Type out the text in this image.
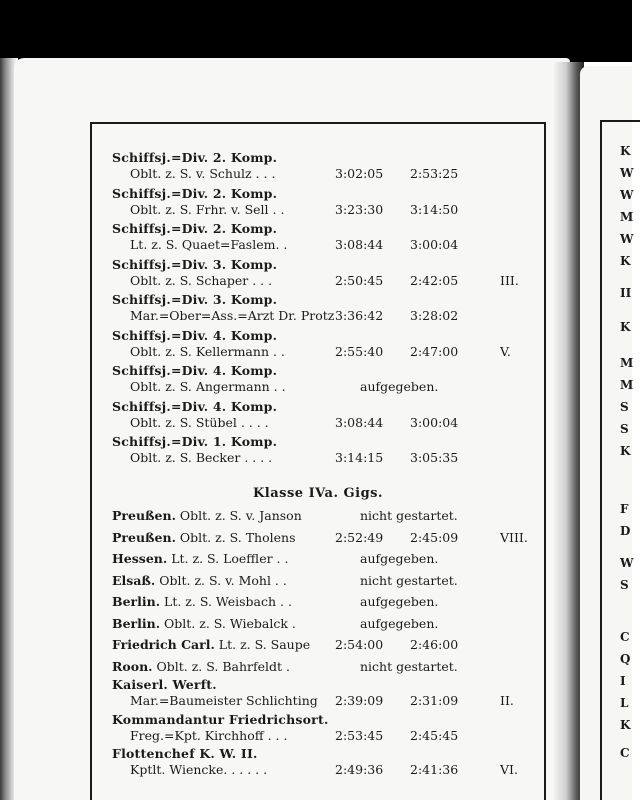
Schiffsj.=Div. 2. Komp.
Oblt. z. S. v. Schulz . . .	3:02:05 2:53:25
Schiffsj.=Div. 2. Komp.
Oblt. z. S. Frhr. v. Sell . .	3:23:30 3:14:50
Schiffsj.=Div. 2. Komp.
Lt. z. S. Quaet=Faslem. .	3:08:44 3:00:04
Schiffsj.=Div. 3. Komp.
Oblt. z. S. Schaper . . .	2:50:45 2:42:05	III.
Schiffsj.=Div. 3. Komp.
Mar.=Ober=Ass.=Arzt Dr. Protz 3:36:42 3:28:02
Schiffsj.=Div. 4. Komp.
Oblt. z. S. Kellermann . .	2:55:40 2:47:00	V.
Schiffsj.=Div. 4. Komp.
Oblt. z. S. Angermann . .	aufgegeben.
Schiffsj.=Div. 4. Komp.
Oblt. z. S. Stübel . . . .	3:08:44 3:00:04
Schiffsj.=Div. 1. Komp.
Oblt. z. S. Becker . . . .	3:14:15 3:05:35
Preußen. Oblt. z. S. v. Janson	nicht gestartet.
Preußen. Oblt. z. S. Tholens	2:52:49 2:45:09	VIII.
Hessen. Lt. z. S. Loeffler . .	aufgegeben.
Elsaß. Oblt. z. S. v. Mohl . .	nicht gestartet.
Berlin. Lt. z. S. Weisbach . .	aufgegeben.
Berlin. Oblt. z. S. Wiebalck .	aufgegeben.
Friedrich Carl. Lt. z. S. Saupe 2:54:00 2:46:00
Roon. Oblt. z. S. Bahrfeldt .	nicht gestartet.
Kaiserl. Werft.
Mar.=Baumeister Schlichting 2:39:09 2:31:09	II.
Kommandantur Friedrichsort.
Freg.=Kpt. Kirchhoff . . .	2:53:45 2:45:45
Flottenchef K. W. II.
Kptlt. Wiencke. . . . . .	2:49:36 2:41:36	VI.
Klasse IVa. Gigs.
K
W
W
M
W
K
II
K
M
M
S
S
K
F
D
W
S
C
Q
I
L
K
C
